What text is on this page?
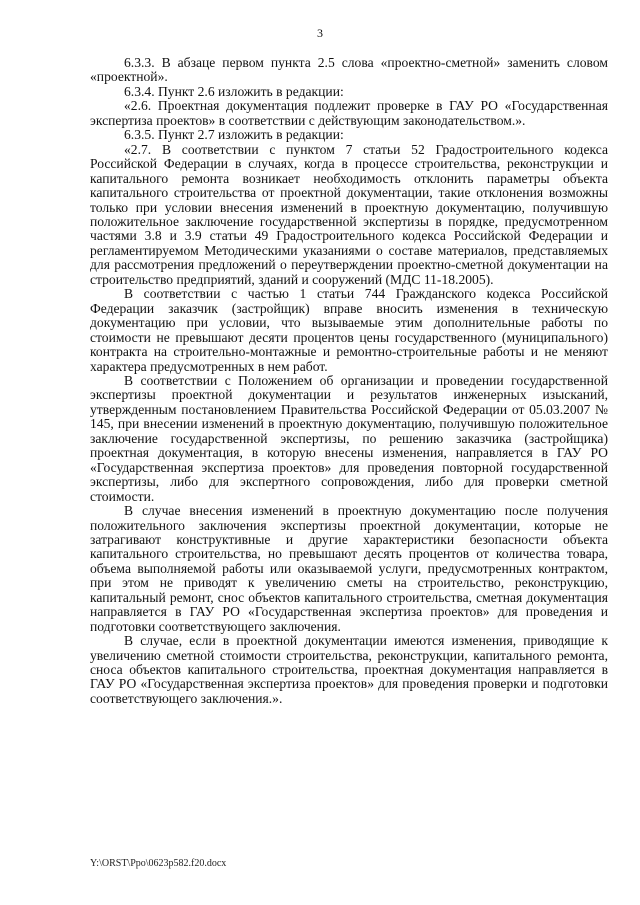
3

6.3.3. В абзаце первом пункта 2.5 слова «проектно-сметной» заменить словом «проектной».

6.3.4. Пункт 2.6 изложить в редакции:

«2.6. Проектная документация подлежит проверке в ГАУ РО «Государственная экспертиза проектов» в соответствии с действующим законодательством.».

6.3.5. Пункт 2.7 изложить в редакции:

«2.7. В соответствии с пунктом 7 статьи 52 Градостроительного кодекса Российской Федерации в случаях, когда в процессе строительства, реконструкции и капитального ремонта возникает необходимость отклонить параметры объекта капитального строительства от проектной документации, такие отклонения возможны только при условии внесения изменений в проектную документацию, получившую положительное заключение государственной экспертизы в порядке, предусмотренном частями 3.8 и 3.9 статьи 49 Градостроительного кодекса Российской Федерации и регламентируемом Методическими указаниями о составе материалов, представляемых для рассмотрения предложений о переутверждении проектно-сметной документации на строительство предприятий, зданий и сооружений (МДС 11-18.2005).

В соответствии с частью 1 статьи 744 Гражданского кодекса Российской Федерации заказчик (застройщик) вправе вносить изменения в техническую документацию при условии, что вызываемые этим дополнительные работы по стоимости не превышают десяти процентов цены государственного (муниципального) контракта на строительно-монтажные и ремонтно-строительные работы и не меняют характера предусмотренных в нем работ.

В соответствии с Положением об организации и проведении государственной экспертизы проектной документации и результатов инженерных изысканий, утвержденным постановлением Правительства Российской Федерации от 05.03.2007 № 145, при внесении изменений в проектную документацию, получившую положительное заключение государственной экспертизы, по решению заказчика (застройщика) проектная документация, в которую внесены изменения, направляется в ГАУ РО «Государственная экспертиза проектов» для проведения повторной государственной экспертизы, либо для экспертного сопровождения, либо для проверки сметной стоимости.

В случае внесения изменений в проектную документацию после получения положительного заключения экспертизы проектной документации, которые не затрагивают конструктивные и другие характеристики безопасности объекта капитального строительства, но превышают десять процентов от количества товара, объема выполняемой работы или оказываемой услуги, предусмотренных контрактом, при этом не приводят к увеличению сметы на строительство, реконструкцию, капитальный ремонт, снос объектов капитального строительства, сметная документация направляется в ГАУ РО «Государственная экспертиза проектов» для проведения и подготовки соответствующего заключения.

В случае, если в проектной документации имеются изменения, приводящие к увеличению сметной стоимости строительства, реконструкции, капитального ремонта, сноса объектов капитального строительства, проектная документация направляется в ГАУ РО «Государственная экспертиза проектов» для проведения проверки и подготовки соответствующего заключения.».

Y:\ORST\Ppo\0623p582.f20.docx
